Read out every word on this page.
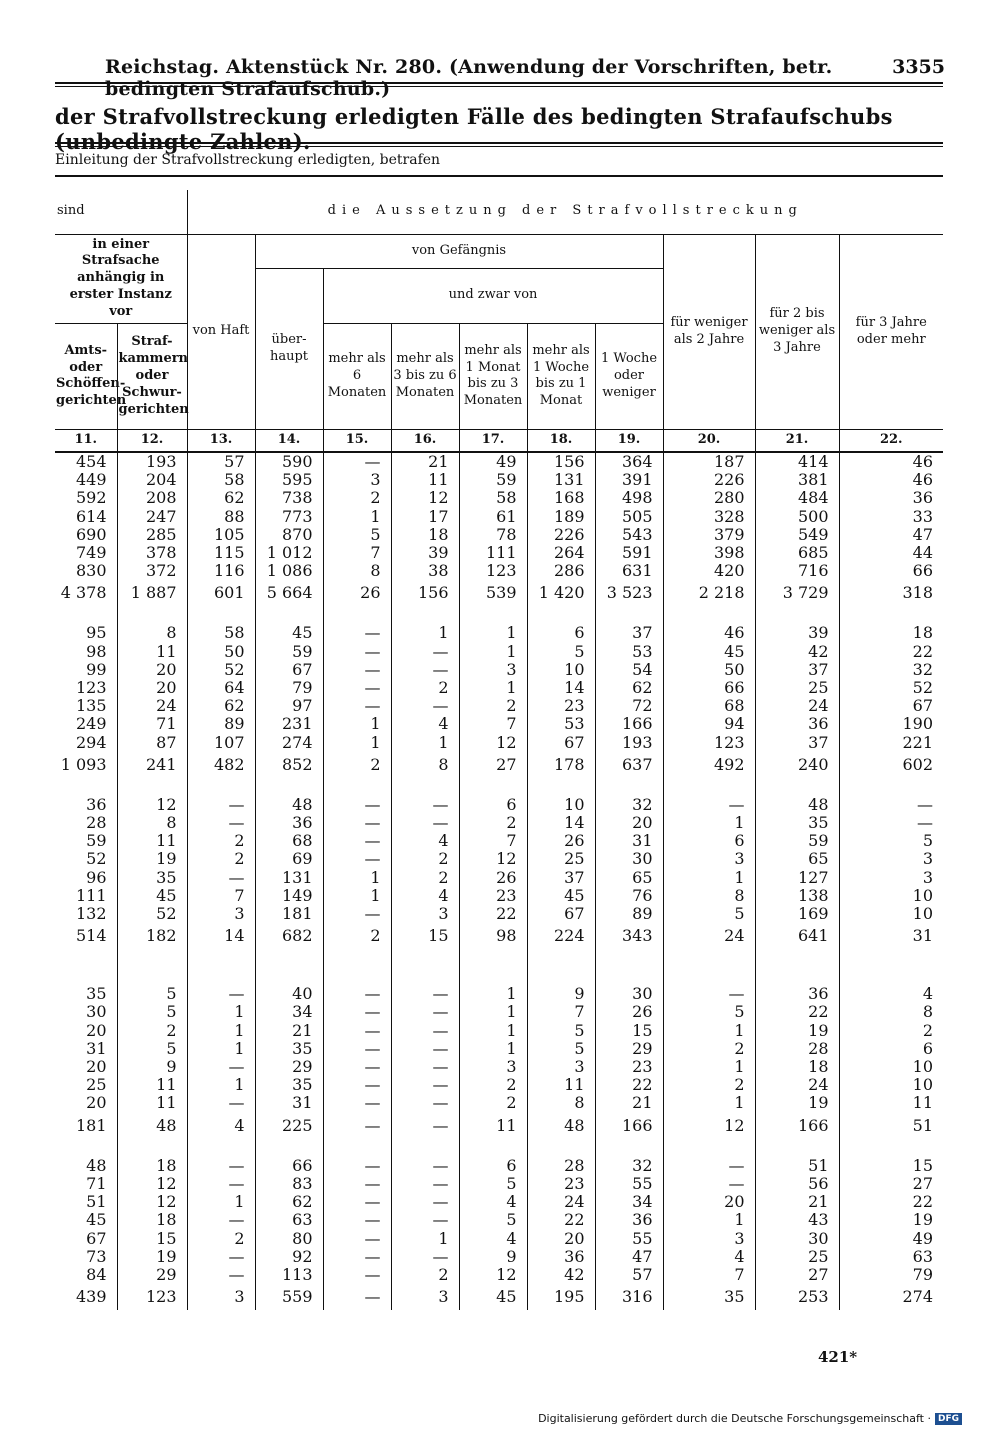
Reichstag. Aktenstück Nr. 280. (Anwendung der Vorschriften, betr. bedingten Strafaufschub.)
3355
der Strafvollstreckung erledigten Fälle des bedingten Strafaufschubs (unbedingte Zahlen).
Einleitung der Strafvollstreckung erledigten, betrafen
sind		die Aussetzung der Strafvollstreckung									
in einer Strafsache anhängig in erster Instanz vor		von Haft	von Gefängnis						für weniger als 2 Jahre	für 2 bis weniger als 3 Jahre	für 3 Jahre oder mehr
			über- haupt	und zwar von							
Amts- oder Schöffen- gerichten	Straf- kammern oder Schwur- gerichten			mehr als 6 Monaten	mehr als 3 bis zu 6 Monaten	mehr als 1 Monat bis zu 3 Monaten	mehr als 1 Woche bis zu 1 Monat	1 Woche oder weniger			

11.	12.	13.	14.	15.	16.	17.	18.	19.	20.	21.	22.
454	193	57	590	—	21	49	156	364	187	414	46
449	204	58	595	3	11	59	131	391	226	381	46
592	208	62	738	2	12	58	168	498	280	484	36
614	247	88	773	1	17	61	189	505	328	500	33
690	285	105	870	5	18	78	226	543	379	549	47
749	378	115	1 012	7	39	111	264	591	398	685	44
830	372	116	1 086	8	38	123	286	631	420	716	66
4 378	1 887	601	5 664	26	156	539	1 420	3 523	2 218	3 729	318

95	8	58	45	—	1	1	6	37	46	39	18
98	11	50	59	—	—	1	5	53	45	42	22
99	20	52	67	—	—	3	10	54	50	37	32
123	20	64	79	—	2	1	14	62	66	25	52
135	24	62	97	—	—	2	23	72	68	24	67
249	71	89	231	1	4	7	53	166	94	36	190
294	87	107	274	1	1	12	67	193	123	37	221
1 093	241	482	852	2	8	27	178	637	492	240	602

36	12	—	48	—	—	6	10	32	—	48	—
28	8	—	36	—	—	2	14	20	1	35	—
59	11	2	68	—	4	7	26	31	6	59	5
52	19	2	69	—	2	12	25	30	3	65	3
96	35	—	131	1	2	26	37	65	1	127	3
111	45	7	149	1	4	23	45	76	8	138	10
132	52	3	181	—	3	22	67	89	5	169	10
514	182	14	682	2	15	98	224	343	24	641	31

35	5	—	40	—	—	1	9	30	—	36	4
30	5	1	34	—	—	1	7	26	5	22	8
20	2	1	21	—	—	1	5	15	1	19	2
31	5	1	35	—	—	1	5	29	2	28	6
20	9	—	29	—	—	3	3	23	1	18	10
25	11	1	35	—	—	2	11	22	2	24	10
20	11	—	31	—	—	2	8	21	1	19	11
181	48	4	225	—	—	11	48	166	12	166	51

48	18	—	66	—	—	6	28	32	—	51	15
71	12	—	83	—	—	5	23	55	—	56	27
51	12	1	62	—	—	4	24	34	20	21	22
45	18	—	63	—	—	5	22	36	1	43	19
67	15	2	80	—	1	4	20	55	3	30	49
73	19	—	92	—	—	9	36	47	4	25	63
84	29	—	113	—	2	12	42	57	7	27	79
439	123	3	559	—	3	45	195	316	35	253	274
421*
Digitalisierung gefördert durch die Deutsche Forschungsgemeinschaft · DFG
